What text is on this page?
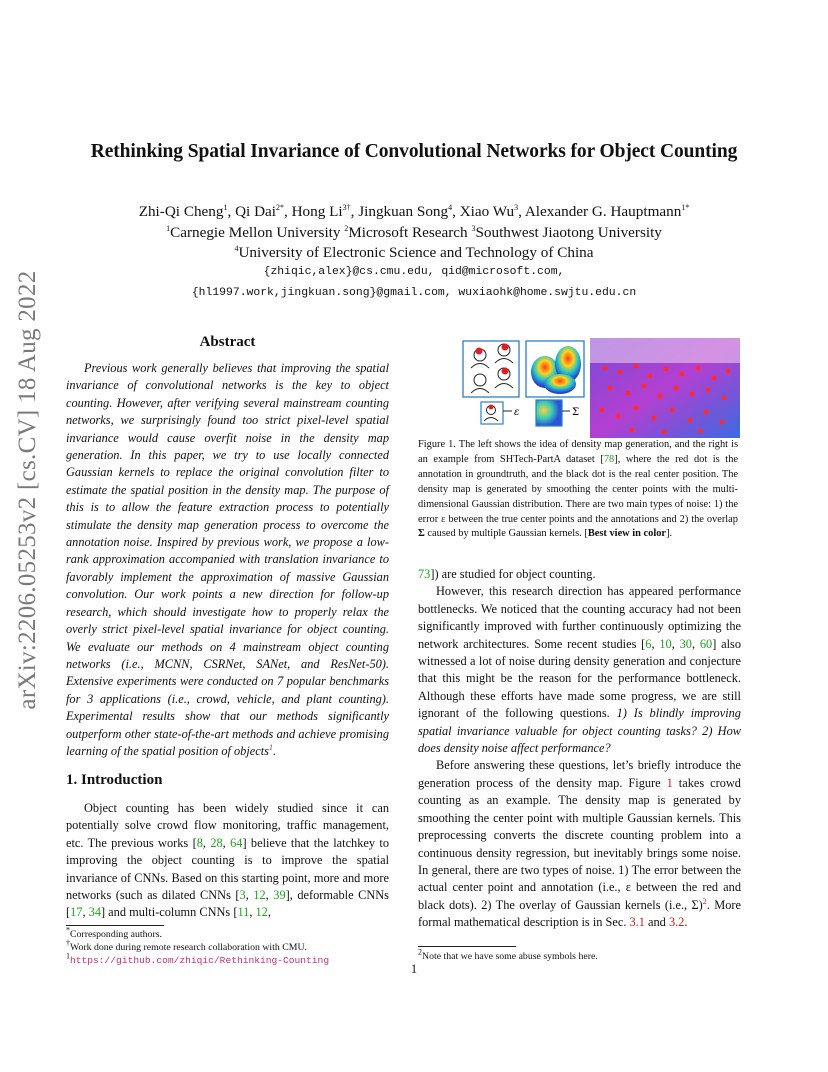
arXiv:2206.05253v2 [cs.CV] 18 Aug 2022
Rethinking Spatial Invariance of Convolutional Networks for Object Counting
Zhi-Qi Cheng$^1$, Qi Dai$^{2*}$, Hong $Li^{3\dagger}$, Jingkuan Song$^4$, Xiao Wu$^3$, Alexander G. Hauptmann$^{1*}$
$^1$Carnegie Mellon University $^2$Microsoft Research $^3$Southwest Jiaotong University
$^4$University of Electronic Science and Technology of China
{zhiqic,alex}@cs.cmu.edu, qid@microsoft.com,
{hl1997.work,jingkuan.song}@gmail.com, wuxiaohk@home.swjtu.edu.cn
Abstract

Previous work generally believes that improving the spatial invariance of convolutional networks is the key to object counting. However, after verifying several mainstream counting networks, we surprisingly found too strict pixel-level spatial invariance would cause overfit noise in the density map generation. In this paper, we try to use locally connected Gaussian kernels to replace the original convolution filter to estimate the spatial position in the density map. The purpose of this is to allow the feature extraction process to potentially stimulate the density map generation process to overcome the annotation noise. Inspired by previous work, we propose a low-rank approximation accompanied with translation invariance to favorably implement the approximation of massive Gaussian convolution. Our work points a new direction for follow-up research, which should investigate how to properly relax the overly strict pixel-level spatial invariance for object counting. We evaluate our methods on 4 mainstream object counting networks (i.e., MCNN, CSRNet, SANet, and ResNet-50). Extensive experiments were conducted on 7 popular benchmarks for 3 applications (i.e., crowd, vehicle, and plant counting). Experimental results show that our methods significantly outperform other state-of-the-art methods and achieve promising learning of the spatial position of objects$^1$.

1. Introduction

Object counting has been widely studied since it can potentially solve crowd flow monitoring, traffic management, etc. The previous works [8, 28, 64] believe that the latchkey to improving the object counting is to improve the spatial invariance of CNNs. Based on this starting point, more and more networks (such as dilated CNNs [3, 12, 39], deformable CNNs [17, 34] and multi-column CNNs [11, 12,

*Corresponding authors.
†Work done during remote research collaboration with CMU.
$^1$https://github.com/zhiqic/Rethinking-Counting
ε	Σ
Figure 1. The left shows the idea of density map generation, and the right is an example from SHTech-PartA dataset [78], where the red dot is the annotation in groundtruth, and the black dot is the real center position. The density map is generated by smoothing the center points with the multi-dimensional Gaussian distribution. There are two main types of noise: 1) the error ε between the true center points and the annotations and 2) the overlap Σ caused by multiple Gaussian kernels. [Best view in color].

73]) are studied for object counting.

However, this research direction has appeared performance bottlenecks. We noticed that the counting accuracy had not been significantly improved with further continuously optimizing the network architectures. Some recent studies [6, 10, 30, 60] also witnessed a lot of noise during density generation and conjecture that this might be the reason for the performance bottleneck. Although these efforts have made some progress, we are still ignorant of the following questions. 1) Is blindly improving spatial invariance valuable for object counting tasks? 2) How does density noise affect performance?

Before answering these questions, let’s briefly introduce the generation process of the density map. Figure 1 takes crowd counting as an example. The density map is generated by smoothing the center point with multiple Gaussian kernels. This preprocessing converts the discrete counting problem into a continuous density regression, but inevitably brings some noise. In general, there are two types of noise. 1) The error between the actual center point and annotation (i.e., ε between the red and black dots). 2) The overlay of Gaussian kernels (i.e., Σ)$^2$. More formal mathematical description is in Sec. 3.1 and 3.2.

$^2$Note that we have some abuse symbols here.
1
